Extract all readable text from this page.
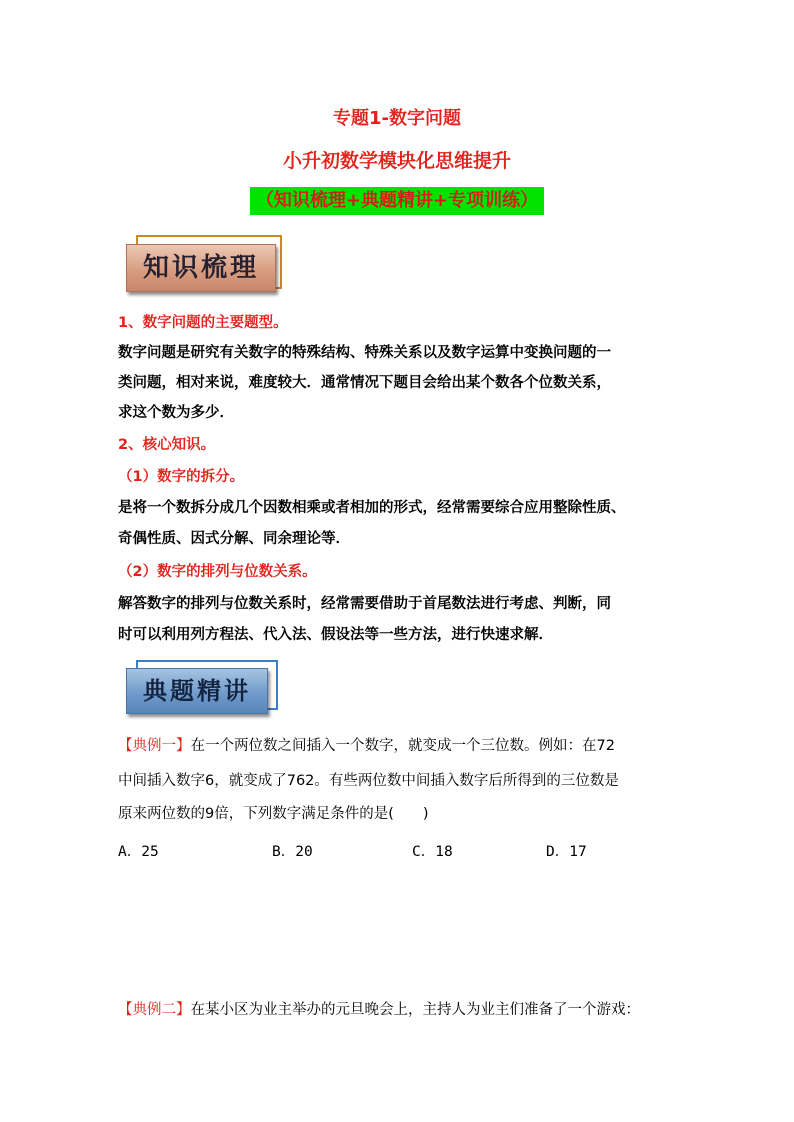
专题1-数字问题
小升初数学模块化思维提升
（知识梳理+典题精讲+专项训练）
知识梳理
1、数字问题的主要题型。
数字问题是研究有关数字的特殊结构、特殊关系以及数字运算中变换问题的一
类问题，相对来说，难度较大．通常情况下题目会给出某个数各个位数关系，
求这个数为多少．
2、核心知识。
（1）数字的拆分。
是将一个数拆分成几个因数相乘或者相加的形式，经常需要综合应用整除性质、
奇偶性质、因式分解、同余理论等．
（2）数字的排列与位数关系。
解答数字的排列与位数关系时，经常需要借助于首尾数法进行考虑、判断，同
时可以利用列方程法、代入法、假设法等一些方法，进行快速求解．
典题精讲
【典例一】在一个两位数之间插入一个数字，就变成一个三位数。例如：在72
中间插入数字6，就变成了762。有些两位数中间插入数字后所得到的三位数是
原来两位数的9倍，下列数字满足条件的是(　　)
A．25	B．20	C．18	D．17
【典例二】在某小区为业主举办的元旦晚会上，主持人为业主们准备了一个游戏：
